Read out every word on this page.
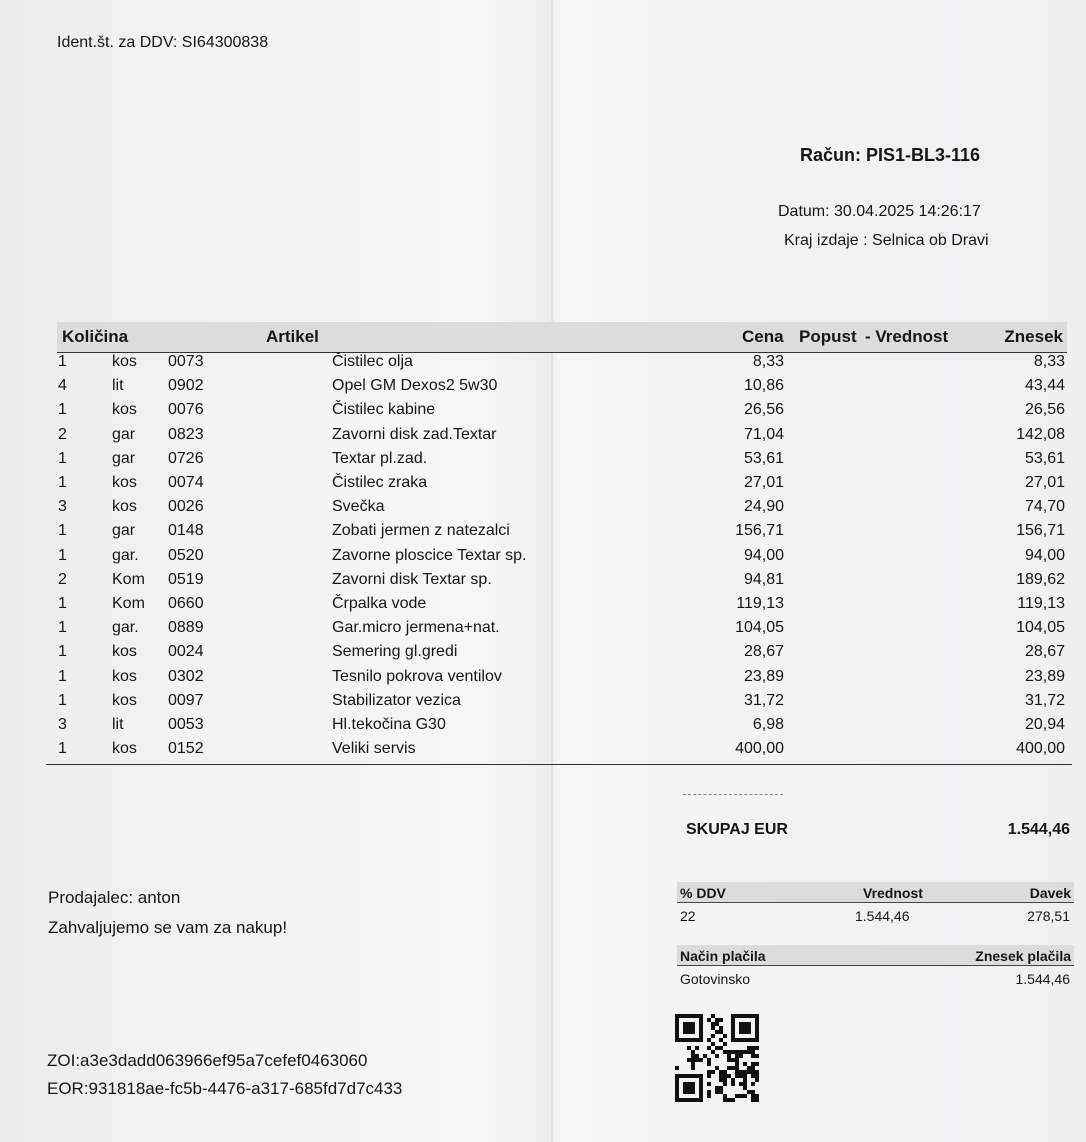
Ident.št. za DDV: SI64300838
Račun: PIS1-BL3-116
Datum: 30.04.2025 14:26:17
Kraj izdaje : Selnica ob Dravi
Količina	Artikel	Cena Popust - Vrednost	Znesek
1	kos 0073	Čistilec olja	8,33	8,33
4	lit	0902	Opel GM Dexos2 5w30	10,86	43,44
1	kos 0076	Čistilec kabine	26,56	26,56
2	gar 0823	Zavorni disk zad.Textar	71,04	142,08
1	gar 0726	Textar pl.zad.	53,61	53,61
1	kos 0074	Čistilec zraka	27,01	27,01
3	kos 0026	Svečka	24,90	74,70
1	gar 0148	Zobati jermen z natezalci	156,71	156,71
1	gar. 0520	Zavorne ploscice Textar sp.	94,00	94,00
2	Kom 0519	Zavorni disk Textar sp.	94,81	189,62
1	Kom 0660	Črpalka vode	119,13	119,13
1	gar. 0889	Gar.micro jermena+nat.	104,05	104,05
1	kos 0024	Semering gl.gredi	28,67	28,67
1	kos 0302	Tesnilo pokrova ventilov	23,89	23,89
1	kos 0097	Stabilizator vezica	31,72	31,72
3	lit	0053	Hl.tekočina G30	6,98	20,94
1	kos 0152	Veliki servis	400,00	400,00
SKUPAJ EUR	1.544,46
Prodajalec: anton
Zahvaljujemo se vam za nakup!
% DDV	Vrednost	Davek
22	1.544,46	278,51
Način plačila	Znesek plačila
Gotovinsko	1.544,46
ZOI:a3e3dadd063966ef95a7cefef0463060
EOR:931818ae-fc5b-4476-a317-685fd7d7c433
